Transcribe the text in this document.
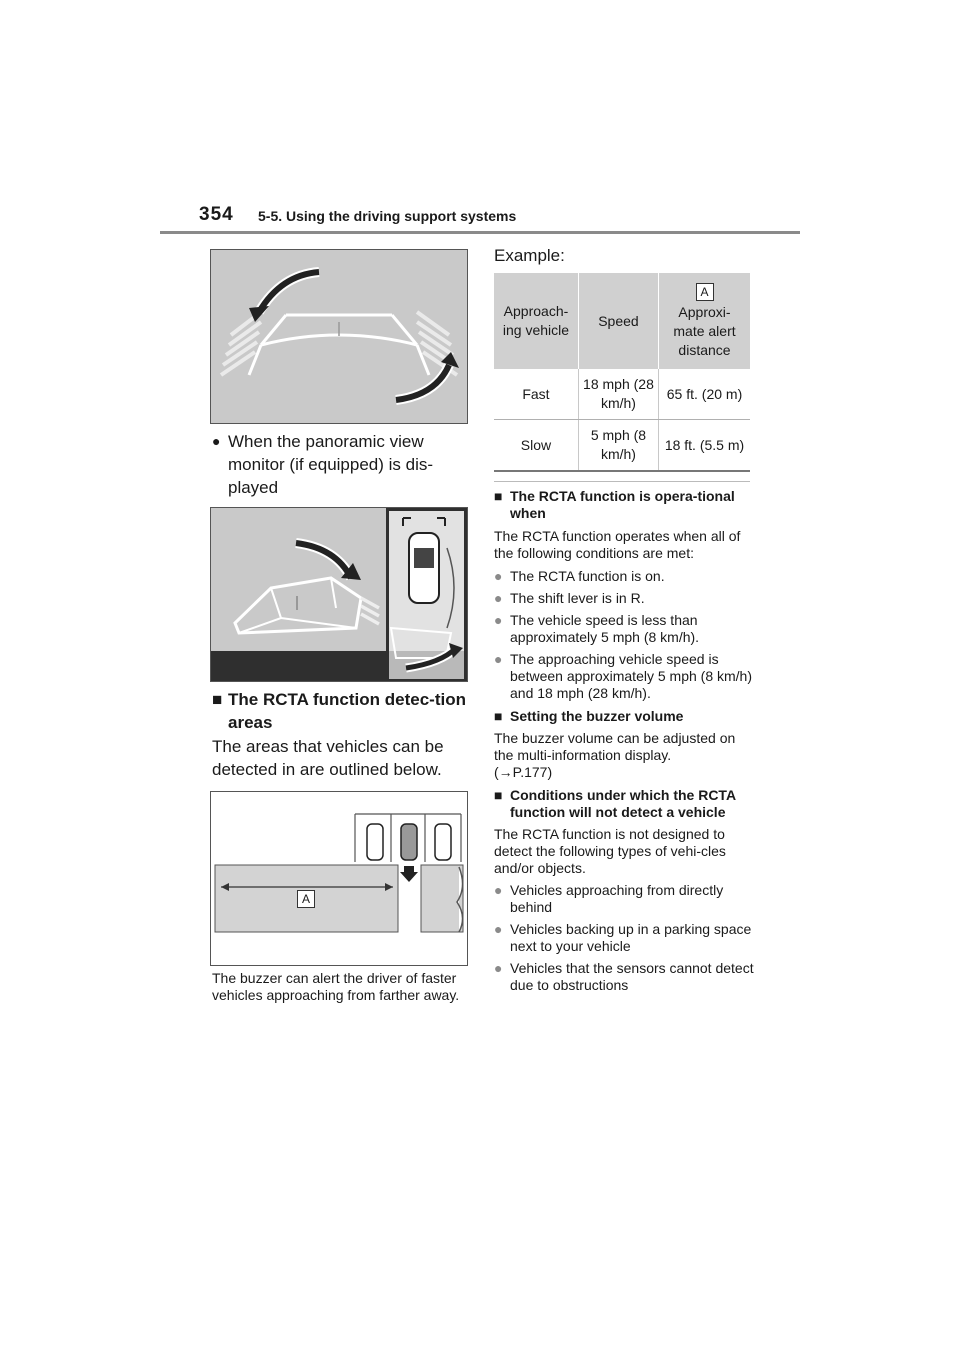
354 5-5. Using the driving support systems
● When the panoramic view monitor (if equipped) is dis-played
■ The RCTA function detec-tion areas
The areas that vehicles can be detected in are outlined below.
A
The buzzer can alert the driver of faster vehicles approaching from farther away.
Example:
Approach-ing vehicle	Speed	A
Approxi-mate alert distance
Fast	18 mph (28 km/h)	65 ft. (20 m)
Slow	5 mph (8 km/h)	18 ft. (5.5 m)
■ The RCTA function is opera-tional when
The RCTA function operates when all of the following conditions are met:
● The RCTA function is on.
● The shift lever is in R.
● The vehicle speed is less than approximately 5 mph (8 km/h).
● The approaching vehicle speed is between approximately 5 mph (8 km/h) and 18 mph (28 km/h).
■ Setting the buzzer volume
The buzzer volume can be adjusted on the multi-information display.
(→P.177)
■ Conditions under which the RCTA function will not detect a vehicle
The RCTA function is not designed to detect the following types of vehi-cles and/or objects.
● Vehicles approaching from directly behind
● Vehicles backing up in a parking space next to your vehicle
● Vehicles that the sensors cannot detect due to obstructions
